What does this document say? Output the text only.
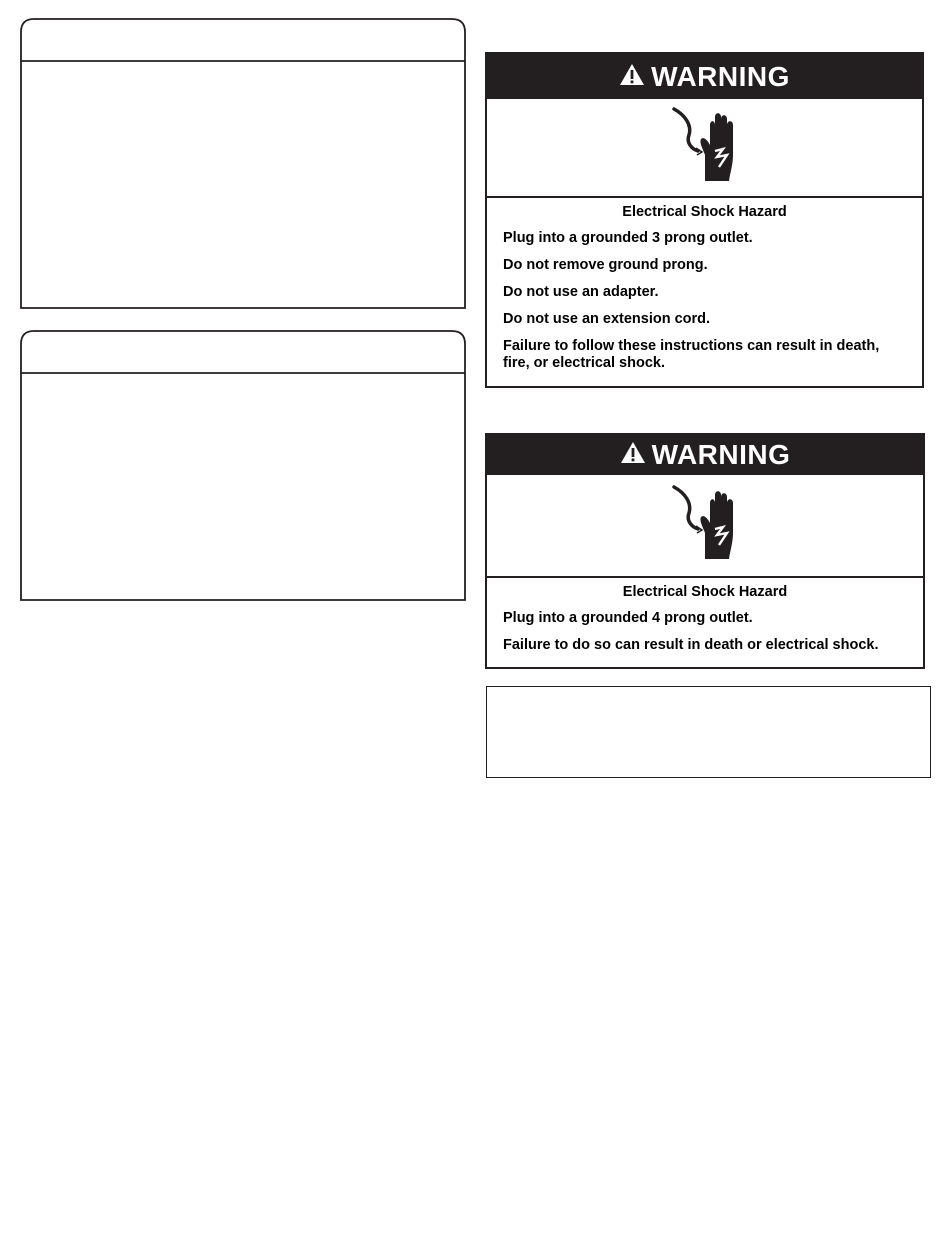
WARNING

Electrical Shock Hazard

Plug into a grounded 3 prong outlet.

Do not remove ground prong.

Do not use an adapter.

Do not use an extension cord.

Failure to follow these instructions can result in death, fire, or electrical shock.

WARNING

Electrical Shock Hazard

Plug into a grounded 4 prong outlet.

Failure to do so can result in death or electrical shock.
